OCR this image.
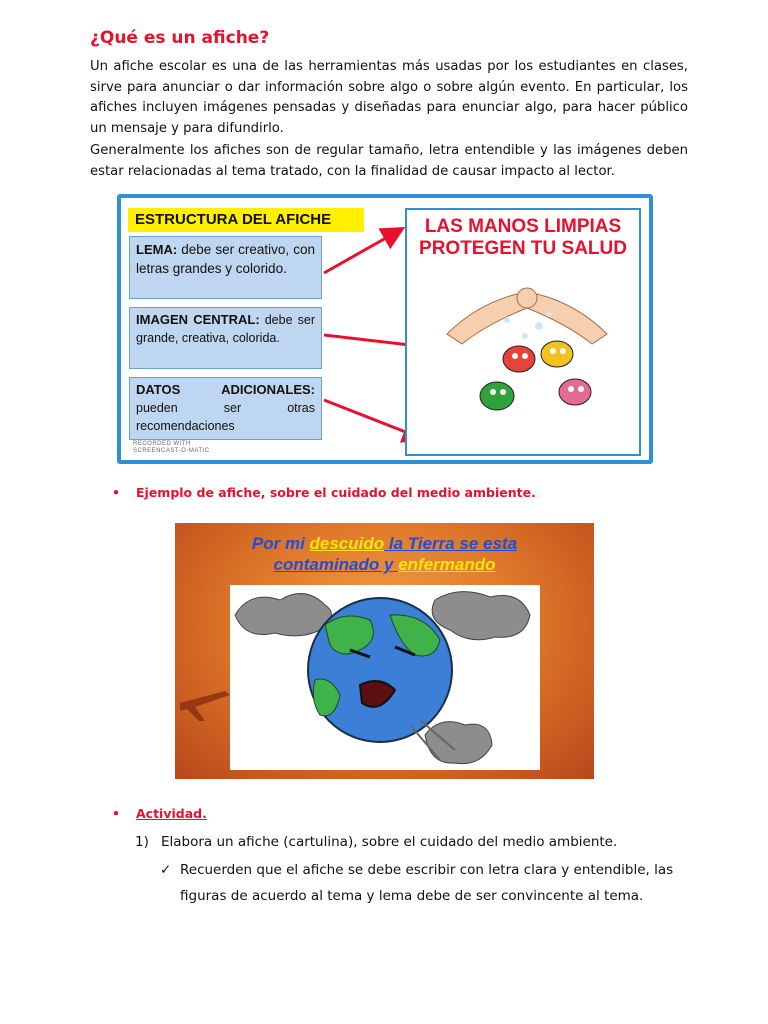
¿Qué es un afiche?
Un afiche escolar es una de las herramientas más usadas por los estudiantes en clases, sirve para anunciar o dar información sobre algo o sobre algún evento. En particular, los afiches incluyen imágenes pensadas y diseñadas para enunciar algo, para hacer público un mensaje y para difundirlo.
Generalmente los afiches son de regular tamaño, letra entendible y las imágenes deben estar relacionadas al tema tratado, con la finalidad de causar impacto al lector.
ESTRUCTURA DEL AFICHE
LEMA: debe ser creativo, con letras grandes y colorido.
IMAGEN CENTRAL: debe ser grande, creativa, colorida.
DATOS ADICIONALES: pueden ser otras recomendaciones
RECORDED WITH
SCREENCAST-O-MATIC
LAS MANOS LIMPIAS PROTEGEN TU SALUD
• Ejemplo de afiche, sobre el cuidado del medio ambiente.
Por mi descuido la Tierra se esta
contaminado y enfermando
• Actividad.
1) Elabora un afiche (cartulina), sobre el cuidado del medio ambiente.
✓ Recuerden que el afiche se debe escribir con letra clara y entendible, las figuras de acuerdo al tema y lema debe de ser convincente al tema.
